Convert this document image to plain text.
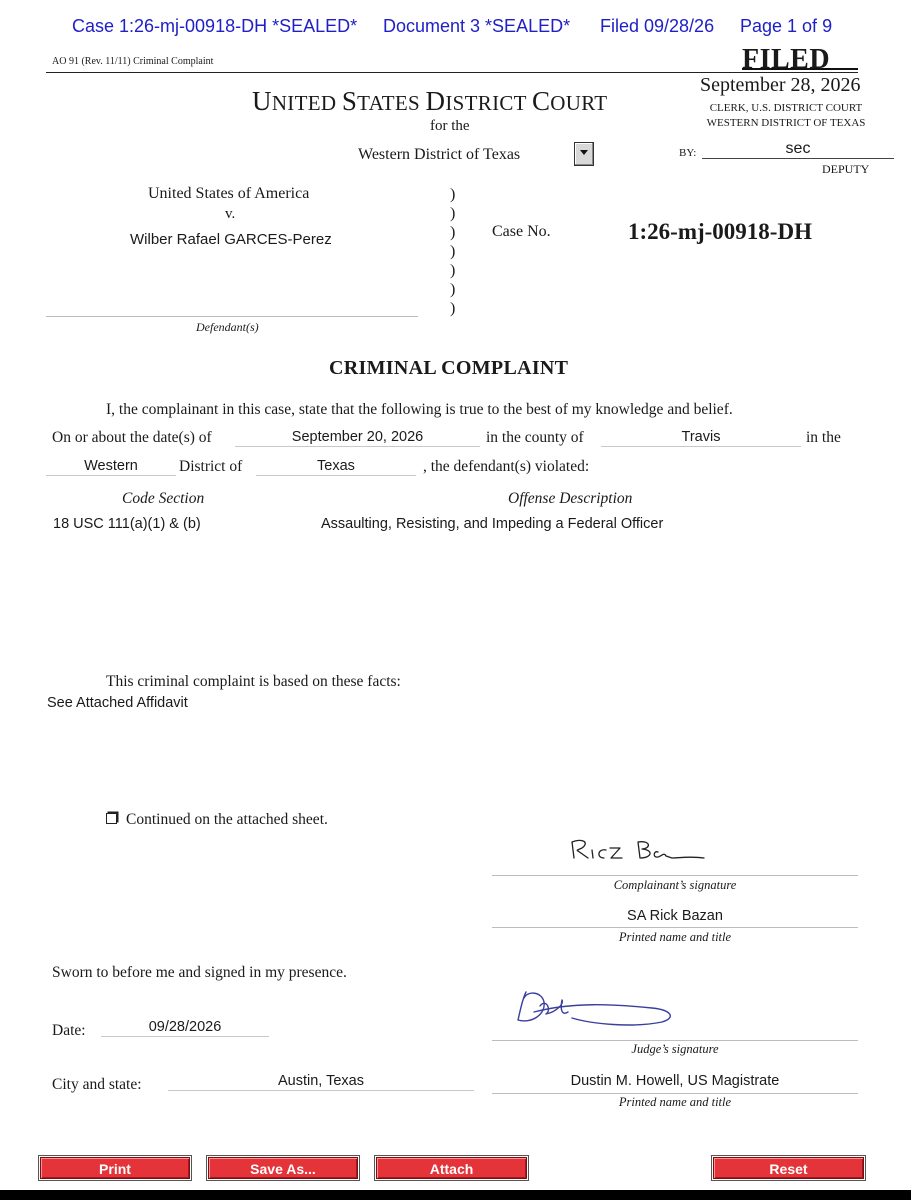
Case 1:26-mj-00918-DH *SEALED* Document 3 *SEALED* Filed 09/28/26 Page 1 of 9
AO 91 (Rev. 11/11) Criminal Complaint	FILED
September 28, 2026
CLERK, U.S. DISTRICT COURT
WESTERN DISTRICT OF TEXAS
BY:	sec
DEPUTY
UNITED STATES DISTRICT COURT
for the
Western District of Texas
United States of America
v.
Wilber Rafael GARCES-Perez
Defendant(s)
)
)
)
)
)
)
)
Case No.	1:26-mj-00918-DH
CRIMINAL COMPLAINT
I, the complainant in this case, state that the following is true to the best of my knowledge and belief.
On or about the date(s) of	September 20, 2026	in the county of	Travis	in the
Western	District of	Texas	, the defendant(s) violated:
Code Section	Offense Description
18 USC 111(a)(1) & (b)	Assaulting, Resisting, and Impeding a Federal Officer
This criminal complaint is based on these facts:
See Attached Affidavit
Continued on the attached sheet.
Complainant’s signature
SA Rick Bazan
Printed name and title
Sworn to before me and signed in my presence.
Date:	09/28/2026
Judge’s signature
City and state:	Austin, Texas	Dustin M. Howell, US Magistrate
Printed name and title
Print	Save As...	Attach	Reset
